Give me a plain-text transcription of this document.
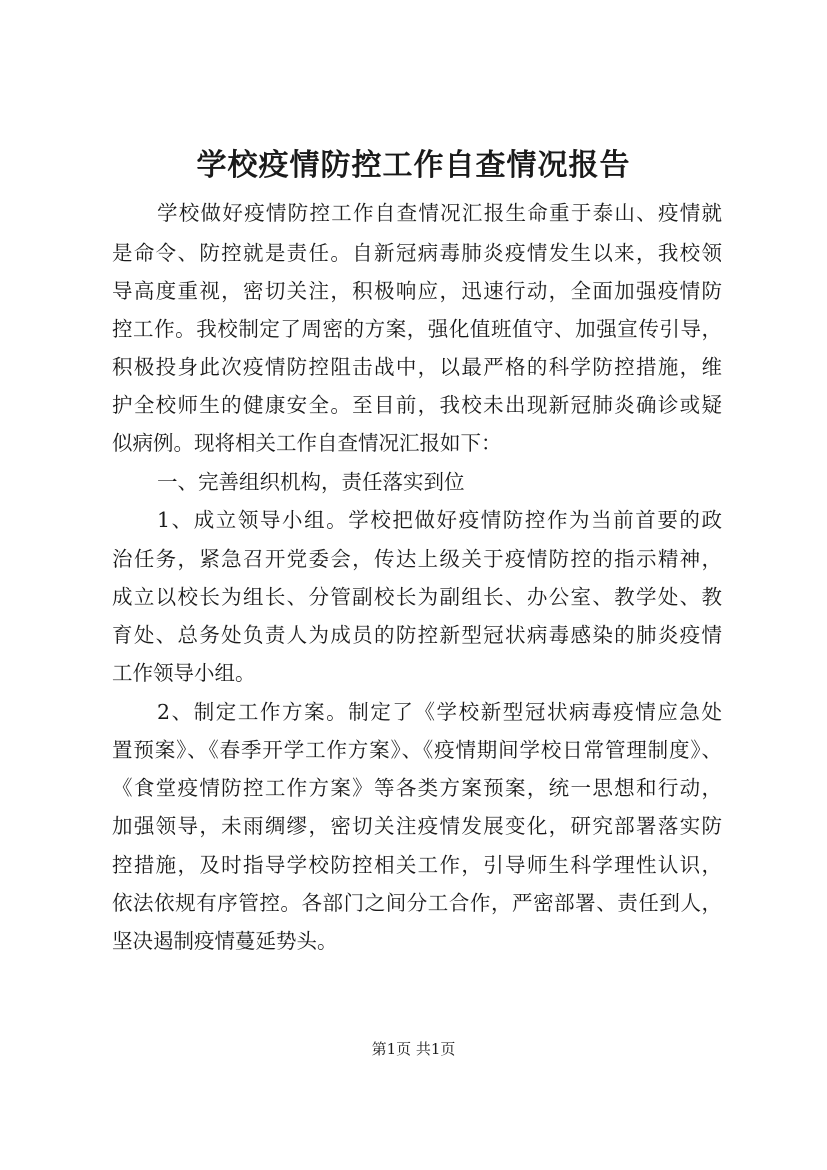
学校疫情防控工作自查情况报告

学校做好疫情防控工作自查情况汇报生命重于泰山、疫情就

是命令、防控就是责任。自新冠病毒肺炎疫情发生以来，我校领

导高度重视，密切关注，积极响应，迅速行动，全面加强疫情防

控工作。我校制定了周密的方案，强化值班值守、加强宣传引导，

积极投身此次疫情防控阻击战中，以最严格的科学防控措施，维

护全校师生的健康安全。至目前，我校未出现新冠肺炎确诊或疑

似病例。现将相关工作自查情况汇报如下：

一、完善组织机构，责任落实到位

1、成立领导小组。学校把做好疫情防控作为当前首要的政

治任务，紧急召开党委会，传达上级关于疫情防控的指示精神，

成立以校长为组长、分管副校长为副组长、办公室、教学处、教

育处、总务处负责人为成员的防控新型冠状病毒感染的肺炎疫情

工作领导小组。

2、制定工作方案。制定了《学校新型冠状病毒疫情应急处

置预案》、《春季开学工作方案》、《疫情期间学校日常管理制度》、

《食堂疫情防控工作方案》等各类方案预案，统一思想和行动，

加强领导，未雨绸缪，密切关注疫情发展变化，研究部署落实防

控措施，及时指导学校防控相关工作，引导师生科学理性认识，

依法依规有序管控。各部门之间分工合作，严密部署、责任到人，

坚决遏制疫情蔓延势头。

第1页 共1页
